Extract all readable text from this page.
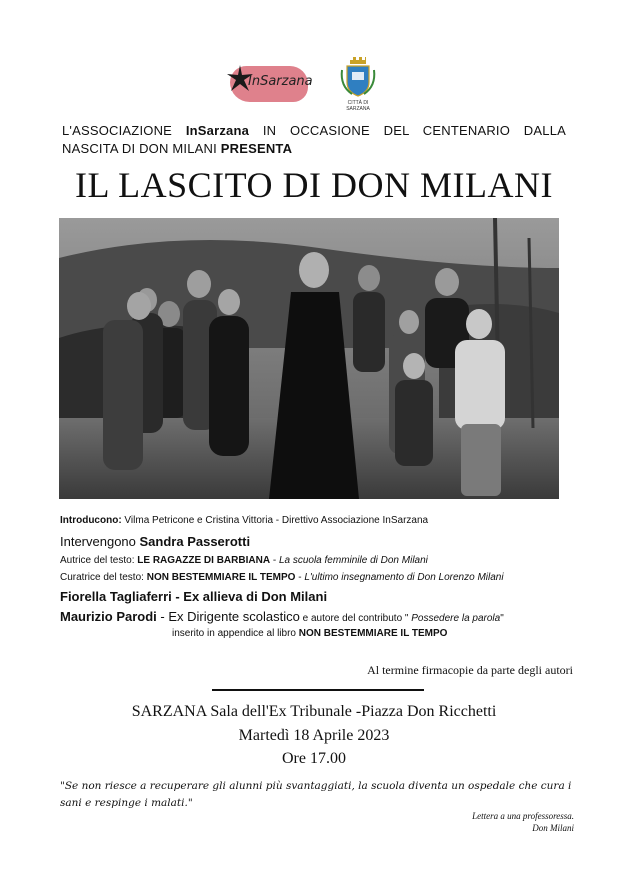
InSarzana
CITTÀ DI SARZANA
L'ASSOCIAZIONE InSarzana IN OCCASIONE DEL CENTENARIO DALLA NASCITA DI DON MILANI PRESENTA
IL LASCITO DI DON MILANI
Introducono: Vilma Petricone e Cristina Vittoria - Direttivo Associazione InSarzana
Intervengono Sandra Passerotti
Autrice del testo: LE RAGAZZE DI BARBIANA - La scuola femminile di Don Milani
Curatrice del testo: NON BESTEMMIARE IL TEMPO - L'ultimo insegnamento di Don Lorenzo Milani
Fiorella Tagliaferri - Ex allieva di Don Milani
Maurizio Parodi - Ex Dirigente scolastico e autore del contributo " Possedere la parola"
inserito in appendice al libro NON BESTEMMIARE IL TEMPO
Al termine firmacopie da parte degli autori
SARZANA Sala dell'Ex Tribunale -Piazza Don Ricchetti
Martedì 18 Aprile 2023
Ore 17.00
"Se non riesce a recuperare gli alunni più svantaggiati, la scuola diventa un ospedale che cura i sani e respinge i malati."
Lettera a una professoressa.
Don Milani
